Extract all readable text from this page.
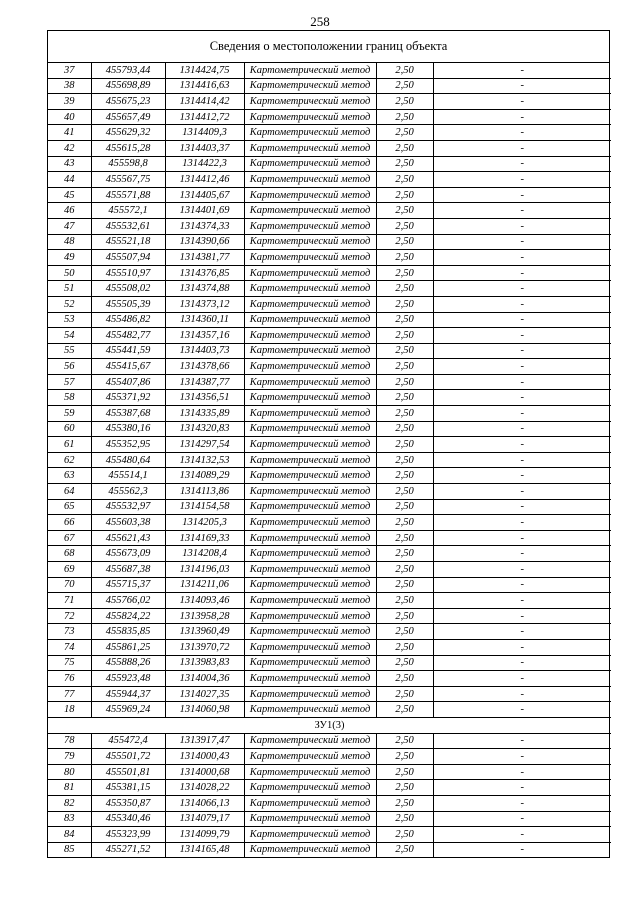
258
Сведения о местоположении границ объекта
37	455793,44	1314424,75	Картометрический метод	2,50	-
38	455698,89	1314416,63	Картометрический метод	2,50	-
39	455675,23	1314414,42	Картометрический метод	2,50	-
40	455657,49	1314412,72	Картометрический метод	2,50	-
41	455629,32	1314409,3	Картометрический метод	2,50	-
42	455615,28	1314403,37	Картометрический метод	2,50	-
43	455598,8	1314422,3	Картометрический метод	2,50	-
44	455567,75	1314412,46	Картометрический метод	2,50	-
45	455571,88	1314405,67	Картометрический метод	2,50	-
46	455572,1	1314401,69	Картометрический метод	2,50	-
47	455532,61	1314374,33	Картометрический метод	2,50	-
48	455521,18	1314390,66	Картометрический метод	2,50	-
49	455507,94	1314381,77	Картометрический метод	2,50	-
50	455510,97	1314376,85	Картометрический метод	2,50	-
51	455508,02	1314374,88	Картометрический метод	2,50	-
52	455505,39	1314373,12	Картометрический метод	2,50	-
53	455486,82	1314360,11	Картометрический метод	2,50	-
54	455482,77	1314357,16	Картометрический метод	2,50	-
55	455441,59	1314403,73	Картометрический метод	2,50	-
56	455415,67	1314378,66	Картометрический метод	2,50	-
57	455407,86	1314387,77	Картометрический метод	2,50	-
58	455371,92	1314356,51	Картометрический метод	2,50	-
59	455387,68	1314335,89	Картометрический метод	2,50	-
60	455380,16	1314320,83	Картометрический метод	2,50	-
61	455352,95	1314297,54	Картометрический метод	2,50	-
62	455480,64	1314132,53	Картометрический метод	2,50	-
63	455514,1	1314089,29	Картометрический метод	2,50	-
64	455562,3	1314113,86	Картометрический метод	2,50	-
65	455532,97	1314154,58	Картометрический метод	2,50	-
66	455603,38	1314205,3	Картометрический метод	2,50	-
67	455621,43	1314169,33	Картометрический метод	2,50	-
68	455673,09	1314208,4	Картометрический метод	2,50	-
69	455687,38	1314196,03	Картометрический метод	2,50	-
70	455715,37	1314211,06	Картометрический метод	2,50	-
71	455766,02	1314093,46	Картометрический метод	2,50	-
72	455824,22	1313958,28	Картометрический метод	2,50	-
73	455835,85	1313960,49	Картометрический метод	2,50	-
74	455861,25	1313970,72	Картометрический метод	2,50	-
75	455888,26	1313983,83	Картометрический метод	2,50	-
76	455923,48	1314004,36	Картометрический метод	2,50	-
77	455944,37	1314027,35	Картометрический метод	2,50	-
18	455969,24	1314060,98	Картометрический метод	2,50	-
ЗУ1(3)					
78	455472,4	1313917,47	Картометрический метод	2,50	-
79	455501,72	1314000,43	Картометрический метод	2,50	-
80	455501,81	1314000,68	Картометрический метод	2,50	-
81	455381,15	1314028,22	Картометрический метод	2,50	-
82	455350,87	1314066,13	Картометрический метод	2,50	-
83	455340,46	1314079,17	Картометрический метод	2,50	-
84	455323,99	1314099,79	Картометрический метод	2,50	-
85	455271,52	1314165,48	Картометрический метод	2,50	-
